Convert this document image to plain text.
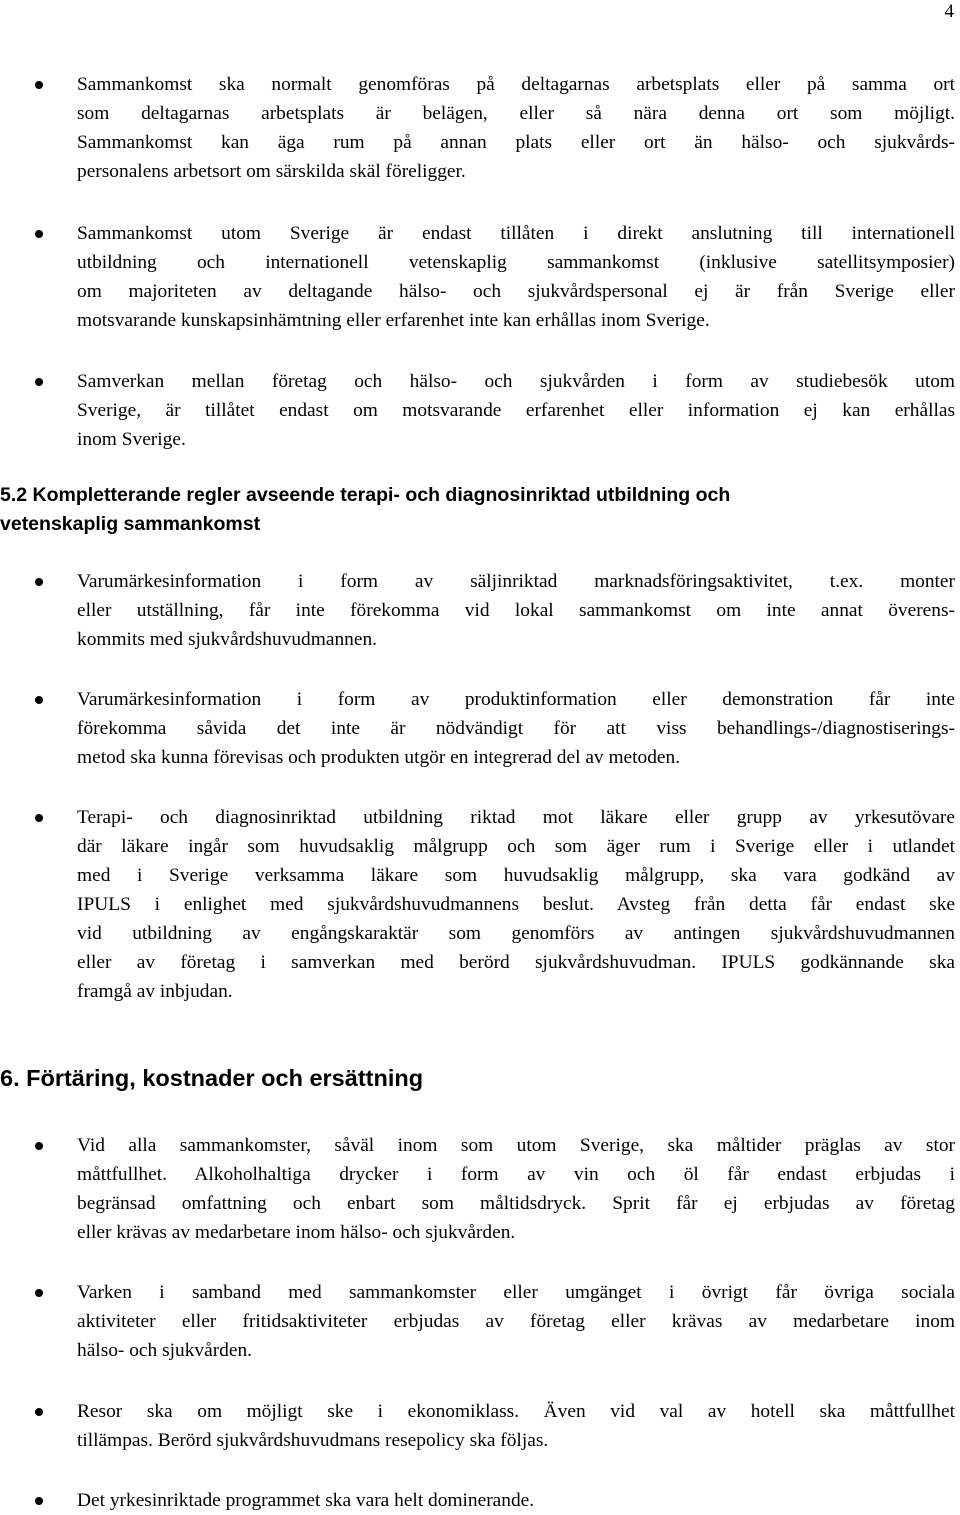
4
Sammankomst ska normalt genomföras på deltagarnas arbetsplats eller på samma ort
som deltagarnas arbetsplats är belägen, eller så nära denna ort som möjligt.
Sammankomst kan äga rum på annan plats eller ort än hälso- och sjukvårds-
personalens arbetsort om särskilda skäl föreligger.
Sammankomst utom Sverige är endast tillåten i direkt anslutning till internationell
utbildning och internationell vetenskaplig sammankomst (inklusive satellitsymposier)
om majoriteten av deltagande hälso- och sjukvårdspersonal ej är från Sverige eller
motsvarande kunskapsinhämtning eller erfarenhet inte kan erhållas inom Sverige.
Samverkan mellan företag och hälso- och sjukvården i form av studiebesök utom
Sverige, är tillåtet endast om motsvarande erfarenhet eller information ej kan erhållas
inom Sverige.
5.2 Kompletterande regler avseende terapi- och diagnosinriktad utbildning och
vetenskaplig sammankomst
Varumärkesinformation i form av säljinriktad marknadsföringsaktivitet, t.ex. monter
eller utställning, får inte förekomma vid lokal sammankomst om inte annat överens-
kommits med sjukvårdshuvudmannen.
Varumärkesinformation i form av produktinformation eller demonstration får inte
förekomma såvida det inte är nödvändigt för att viss behandlings-/diagnostiserings-
metod ska kunna förevisas och produkten utgör en integrerad del av metoden.
Terapi- och diagnosinriktad utbildning riktad mot läkare eller grupp av yrkesutövare
där läkare ingår som huvudsaklig målgrupp och som äger rum i Sverige eller i utlandet
med i Sverige verksamma läkare som huvudsaklig målgrupp, ska vara godkänd av
IPULS i enlighet med sjukvårdshuvudmannens beslut. Avsteg från detta får endast ske
vid utbildning av engångskaraktär som genomförs av antingen sjukvårdshuvudmannen
eller av företag i samverkan med berörd sjukvårdshuvudman. IPULS godkännande ska
framgå av inbjudan.
6. Förtäring, kostnader och ersättning
Vid alla sammankomster, såväl inom som utom Sverige, ska måltider präglas av stor
måttfullhet. Alkoholhaltiga drycker i form av vin och öl får endast erbjudas i
begränsad omfattning och enbart som måltidsdryck. Sprit får ej erbjudas av företag
eller krävas av medarbetare inom hälso- och sjukvården.
Varken i samband med sammankomster eller umgänget i övrigt får övriga sociala
aktiviteter eller fritidsaktiviteter erbjudas av företag eller krävas av medarbetare inom
hälso- och sjukvården.
Resor ska om möjligt ske i ekonomiklass. Även vid val av hotell ska måttfullhet
tillämpas. Berörd sjukvårdshuvudmans resepolicy ska följas.
Det yrkesinriktade programmet ska vara helt dominerande.
